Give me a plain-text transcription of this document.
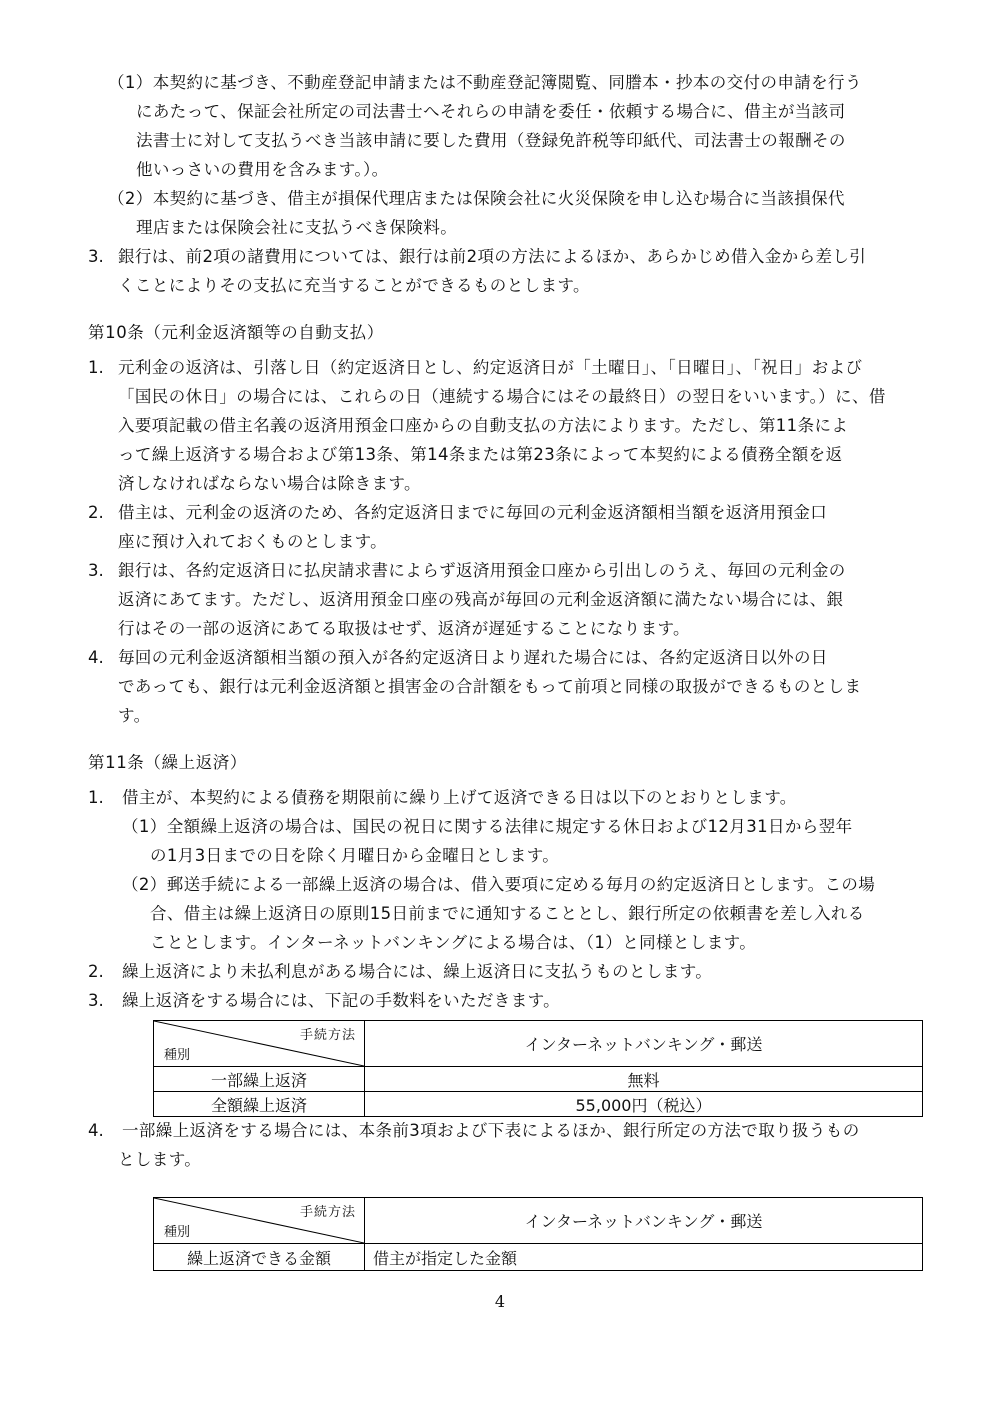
（1）本契約に基づき、不動産登記申請または不動産登記簿閲覧、同謄本・抄本の交付の申請を行う
にあたって、保証会社所定の司法書士へそれらの申請を委任・依頼する場合に、借主が当該司
法書士に対して支払うべき当該申請に要した費用（登録免許税等印紙代、司法書士の報酬その
他いっさいの費用を含みます。）。
（2）本契約に基づき、借主が損保代理店または保険会社に火災保険を申し込む場合に当該損保代
理店または保険会社に支払うべき保険料。
3. 銀行は、前2項の諸費用については、銀行は前2項の方法によるほか、あらかじめ借入金から差し引
くことによりその支払に充当することができるものとします。
第10条（元利金返済額等の自動支払）
1. 元利金の返済は、引落し日（約定返済日とし、約定返済日が「土曜日」、「日曜日」、「祝日」および
「国民の休日」の場合には、これらの日（連続する場合にはその最終日）の翌日をいいます。）に、借
入要項記載の借主名義の返済用預金口座からの自動支払の方法によります。ただし、第11条によ
って繰上返済する場合および第13条、第14条または第23条によって本契約による債務全額を返
済しなければならない場合は除きます。
2. 借主は、元利金の返済のため、各約定返済日までに毎回の元利金返済額相当額を返済用預金口
座に預け入れておくものとします。
3. 銀行は、各約定返済日に払戻請求書によらず返済用預金口座から引出しのうえ、毎回の元利金の
返済にあてます。ただし、返済用預金口座の残高が毎回の元利金返済額に満たない場合には、銀
行はその一部の返済にあてる取扱はせず、返済が遅延することになります。
4. 毎回の元利金返済額相当額の預入が各約定返済日より遅れた場合には、各約定返済日以外の日
であっても、銀行は元利金返済額と損害金の合計額をもって前項と同様の取扱ができるものとしま
す。
第11条（繰上返済）
1. 借主が、本契約による債務を期限前に繰り上げて返済できる日は以下のとおりとします。
（1）全額繰上返済の場合は、国民の祝日に関する法律に規定する休日および12月31日から翌年
の1月3日までの日を除く月曜日から金曜日とします。
（2）郵送手続による一部繰上返済の場合は、借入要項に定める毎月の約定返済日とします。この場
合、借主は繰上返済日の原則15日前までに通知することとし、銀行所定の依頼書を差し入れる
こととします。インターネットバンキングによる場合は、（1）と同様とします。
2. 繰上返済により未払利息がある場合には、繰上返済日に支払うものとします。
3. 繰上返済をする場合には、下記の手数料をいただきます。
手続方法
種別	インターネットバンキング・郵送
一部繰上返済	無料
全額繰上返済	55,000円（税込）
4. 一部繰上返済をする場合には、本条前3項および下表によるほか、銀行所定の方法で取り扱うもの
とします。
手続方法
種別	インターネットバンキング・郵送
繰上返済できる金額	借主が指定した金額
4
